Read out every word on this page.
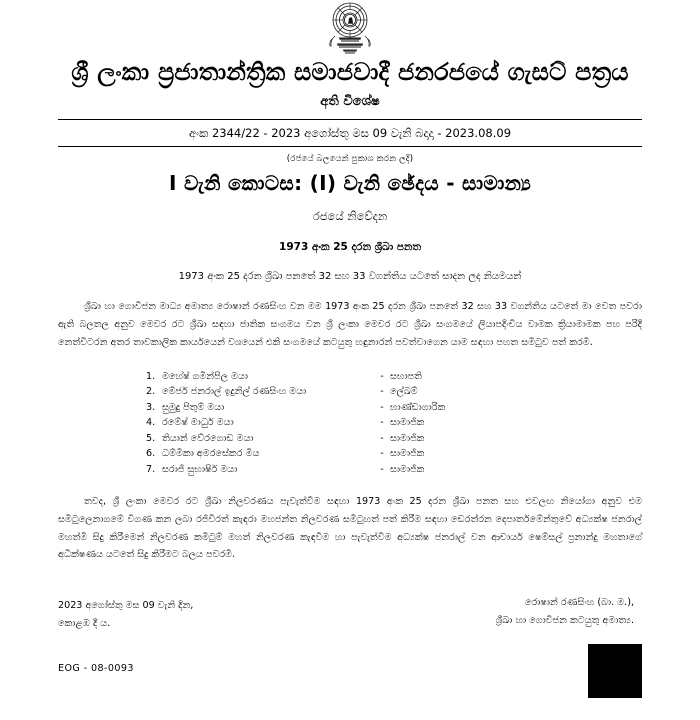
ශ්‍රී ලංකා ප්‍රජාතාන්ත්‍රික සමාජවාදී ජනරජයේ ගැසට් පත්‍රය
අති විශේෂ
අංක 2344/22 - 2023 අගෝස්තු මස 09 වැනි බදාදා - 2023.08.09
(රජයේ බලයෙන් පුකාශ කරන ලදි)
I වැනි කොටස: (I) වැනි ඡේදය - සාමාන්‍ය
රජයේ නිවේදන
1973 අංක 25 දරන ශ්‍රීඛා පනත
1973 අංක 25 දරන ශ්‍රීඛා පනතේ 32 සහ 33 වගන්තිය යටතේ සාදන ලද නියමයන්
ශ්‍රීඛා හා ගොවිජන මාධ්‍ය අමාත්‍ය රොෂාන් රණසිංහ වන මම 1973 අංක 25 දරන ශ්‍රීඛා පනතේ 32 සහ 33 වගන්තිය යටතේ මා වෙත පවරා ඇති බලතල අනුව මෙවර රට ශ්‍රීඛා සඳහා ජාතික සංගමය වන ශ්‍රී ලංකා මෙවර රට ශ්‍රීඛා සංගමයේ ලියාපදිංචිය වාමක ක්‍රියාමාමක පහ පරිදි නෙත්වීටරන අතර තාවකාලික කාර්යයෙන් වශයෙන් එකි සංගමයේ කටයුතු හඳුනාරන් පවත්වාගෙන යාම සඳහා පහත සමිටුව පත් කරමි.
1. මහේෂ් ගමින්පිල මයා	- සභාපති
2. මේජර් ජනරාල් ඉදුනිල් රණසිංහ මයා	- ලේඛම්
3. සුමුදු පිතුම් මයා	- භාණ්ඩාගාරික
4. රමේෂ් මාධුර් මයා	- සාමාජික
5. තියාන් වේරගොඩ මයා	- සාමාජික
6. ධම්මිකා අමරසේකර මිය	- සාමාජික
7. සරාජි සුභාෂිර් මයා	- සාමාජික
තවද, ශ්‍රී ලංකා මෙවර රට ශ්‍රීඛා නිලවරණය පැවැත්වීම සඳහා 1973 අංක 25 දරන ශ්‍රීඛා පනත සහ එවලඟ නියෝගා අනුව එම සමිටුලෙනාගමේ විගණ කන ලබා රජිවීරත් කැඳරා මහජන්ත නිලවරණ සමිටුහත් පත් කිරීම සඳහා ඩෙරත්රන දෙපාර්තමේන්තුවේ අධ්‍යක්ෂ ජනරාල් මහත්මි සිදු කිරීමෙන් නිලවරණ කමිටුම් මහත් නිලවරණ කැඳවීම හා පැවැත්වීම අධ්‍යක්ෂ ජනරාල් වන ආචාර්ය ෂෙම්සල් ප්‍රනාන්දු මහතාගේ අධීක්ෂණය යටතේ සිදු කිරීමට බලය පවරමි.
රොෂාන් රණසිංහ (බා. ම.),
ශ්‍රීඛා හා ගොවිජන කටයුතු අමාත්‍ය.
2023 අගෝස්තු මස 09 වැනි දින,
කොළඹ දී ය.
EOG - 08-0093
